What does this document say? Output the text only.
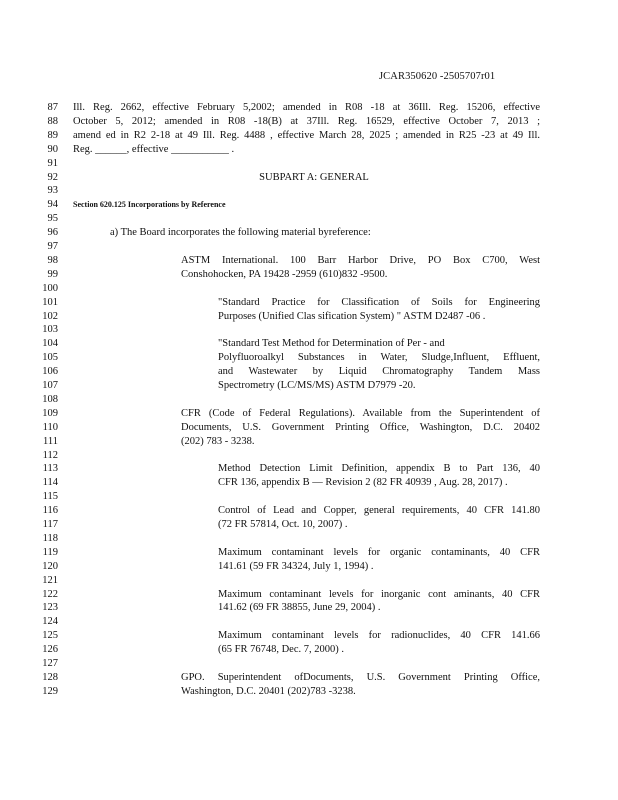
JCAR350620 -2505707r01
87 Ill. Reg. 2662, effective February 5,2002; amended in R08 -18 at 36Ill. Reg. 15206, effective
88 October 5, 2012; amended in R08 -18(B) at 37Ill. Reg. 16529, effective October 7, 2013 ;
89 amend ed in R2 2-18 at 49 Ill. Reg. 4488 , effective March 28, 2025 ; amended in R25 -23 at 49 Ill.
90 Reg. ______, effective ___________ .
91
92	SUBPART A: GENERAL
93
94 Section 620.125 Incorporations by Reference
95
96	a) The Board incorporates the following material byreference:
97
98	ASTM International. 100 Barr Harbor Drive, PO Box C700, West
99	Conshohocken, PA 19428 -2959 (610)832 -9500.
100
101	"Standard Practice for Classification of Soils for Engineering
102	Purposes (Unified Clas sification System) " ASTM D2487 -06 .
103
104	"Standard Test Method for Determination of Per - and
105	Polyfluoroalkyl Substances in Water, Sludge,Influent, Effluent,
106	and Wastewater by Liquid Chromatography Tandem Mass
107	Spectrometry (LC/MS/MS) ASTM D7979 -20.
108
109	CFR (Code of Federal Regulations). Available from the Superintendent of
110	Documents, U.S. Government Printing Office, Washington, D.C. 20402
111	(202) 783 - 3238.
112
113	Method Detection Limit Definition, appendix B to Part 136, 40
114	CFR 136, appendix B — Revision 2 (82 FR 40939 , Aug. 28, 2017) .
115
116	Control of Lead and Copper, general requirements, 40 CFR 141.80
117	(72 FR 57814, Oct. 10, 2007) .
118
119	Maximum contaminant levels for organic contaminants, 40 CFR
120	141.61 (59 FR 34324, July 1, 1994) .
121
122	Maximum contaminant levels for inorganic cont aminants, 40 CFR
123	141.62 (69 FR 38855, June 29, 2004) .
124
125	Maximum contaminant levels for radionuclides, 40 CFR 141.66
126	(65 FR 76748, Dec. 7, 2000) .
127
128	GPO. Superintendent ofDocuments, U.S. Government Printing Office,
129	Washington, D.C. 20401 (202)783 -3238.
